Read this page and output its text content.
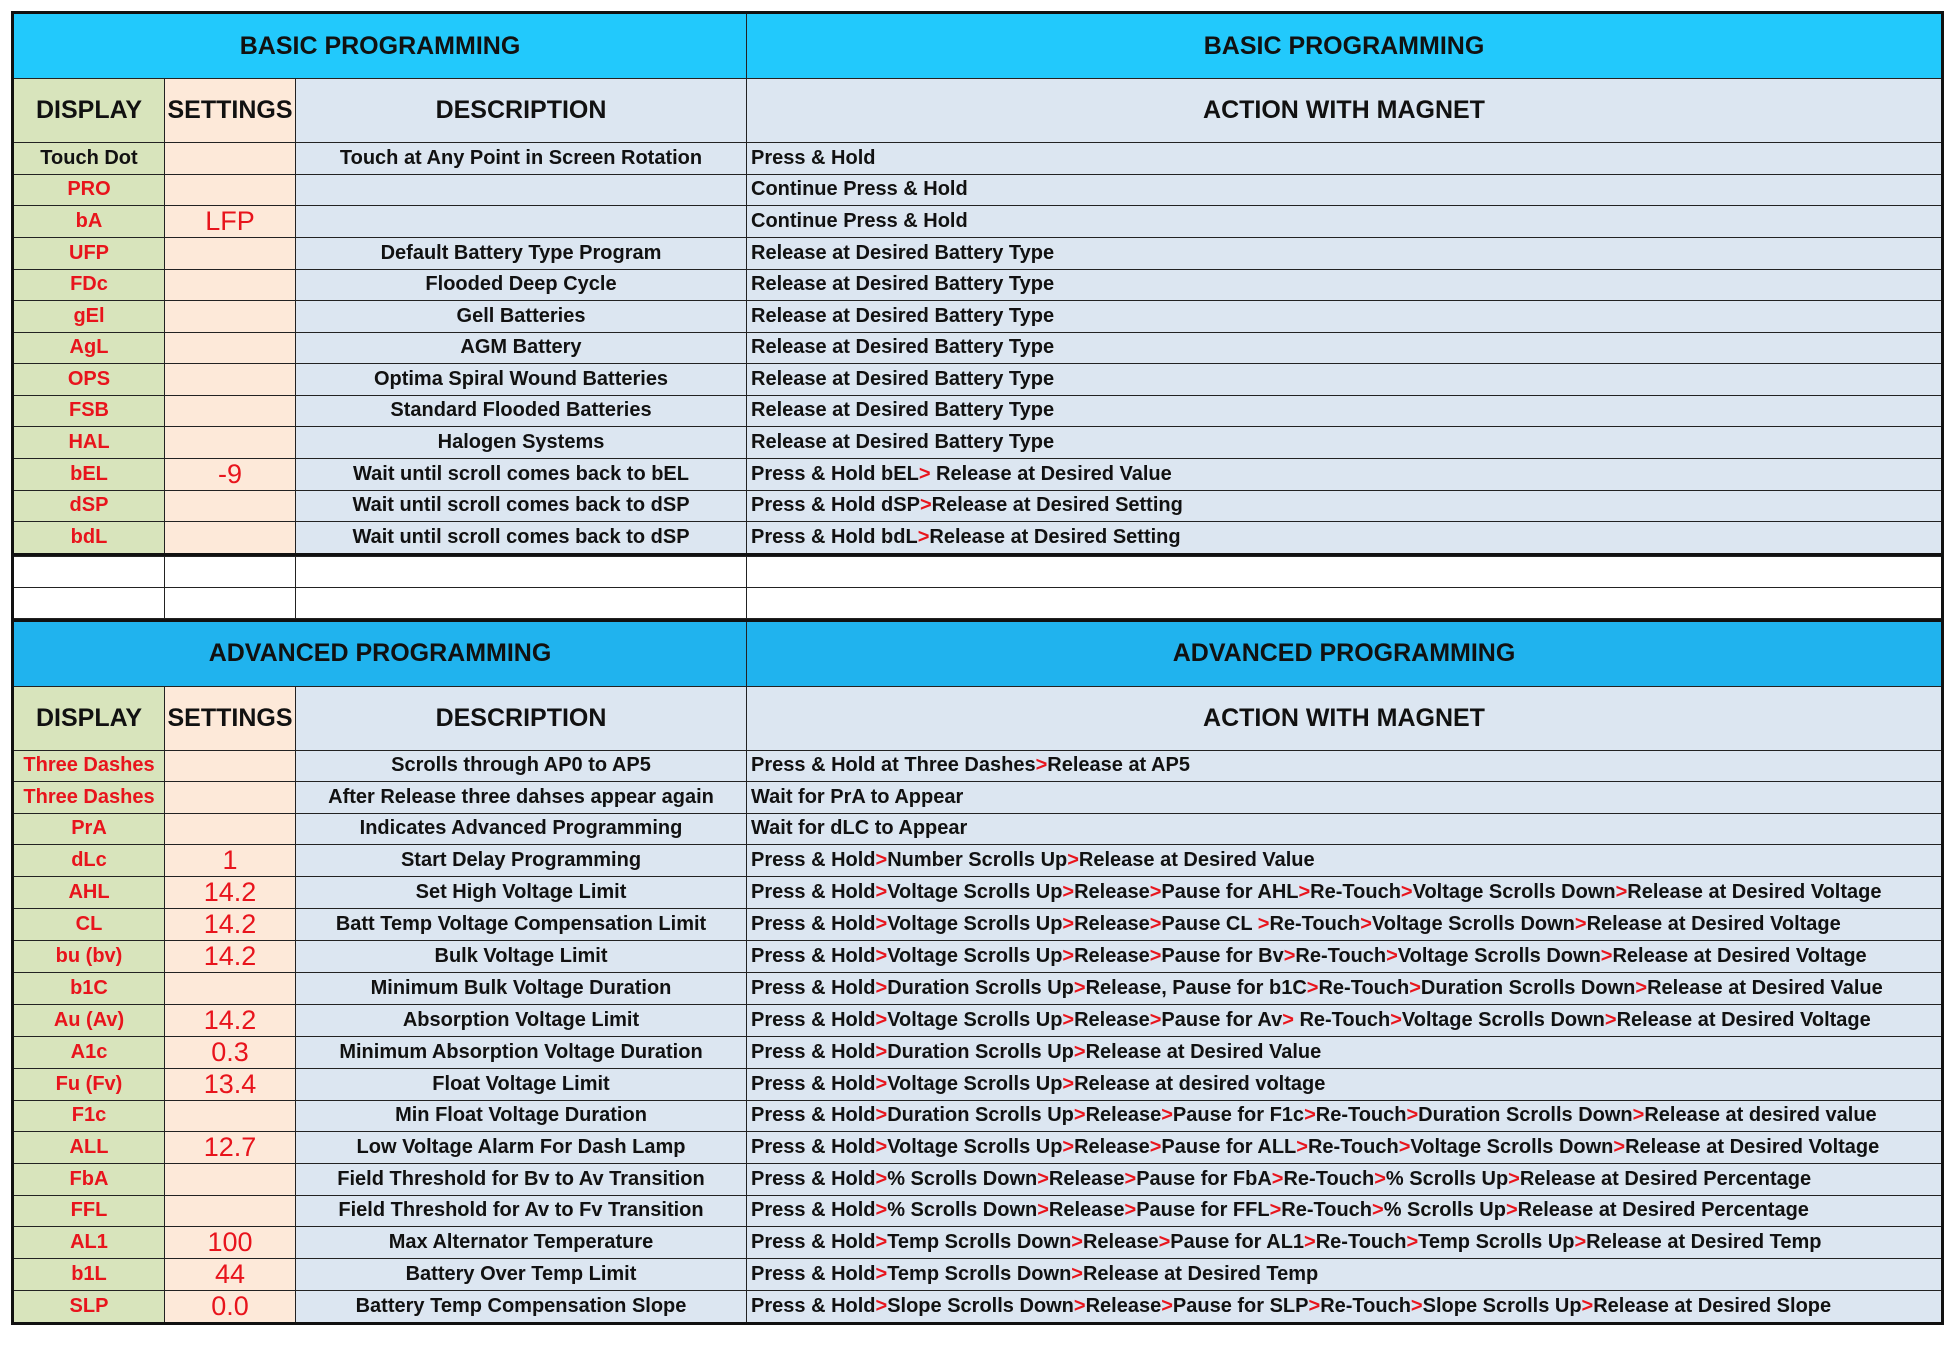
BASIC PROGRAMMING			BASIC PROGRAMMING
DISPLAY	SETTINGS	DESCRIPTION	ACTION WITH MAGNET
Touch Dot		Touch at Any Point in Screen Rotation	Press & Hold
PRO			Continue Press & Hold
bA	LFP		Continue Press & Hold
UFP		Default Battery Type Program	Release at Desired Battery Type
FDc		Flooded Deep Cycle	Release at Desired Battery Type
gEl		Gell Batteries	Release at Desired Battery Type
AgL		AGM Battery	Release at Desired Battery Type
OPS		Optima Spiral Wound Batteries	Release at Desired Battery Type
FSB		Standard Flooded Batteries	Release at Desired Battery Type
HAL		Halogen Systems	Release at Desired Battery Type
bEL	-9	Wait until scroll comes back to bEL	Press & Hold bEL> Release at Desired Value
dSP		Wait until scroll comes back to dSP	Press & Hold dSP>Release at Desired Setting
bdL		Wait until scroll comes back to dSP	Press & Hold bdL>Release at Desired Setting

ADVANCED PROGRAMMING			ADVANCED PROGRAMMING
DISPLAY	SETTINGS	DESCRIPTION	ACTION WITH MAGNET
Three Dashes		Scrolls through AP0 to AP5	Press & Hold at Three Dashes>Release at AP5
Three Dashes		After Release three dahses appear again	Wait for PrA to Appear
PrA		Indicates Advanced Programming	Wait for dLC to Appear
dLc	1	Start Delay Programming	Press & Hold>Number Scrolls Up>Release at Desired Value
AHL	14.2	Set High Voltage Limit	Press & Hold>Voltage Scrolls Up>Release>Pause for AHL>Re-Touch>Voltage Scrolls Down>Release at Desired Voltage
CL	14.2	Batt Temp Voltage Compensation Limit	Press & Hold>Voltage Scrolls Up>Release>Pause CL >Re-Touch>Voltage Scrolls Down>Release at Desired Voltage
bu (bv)	14.2	Bulk Voltage Limit	Press & Hold>Voltage Scrolls Up>Release>Pause for Bv>Re-Touch>Voltage Scrolls Down>Release at Desired Voltage
b1C		Minimum Bulk Voltage Duration	Press & Hold>Duration Scrolls Up>Release, Pause for b1C>Re-Touch>Duration Scrolls Down>Release at Desired Value
Au (Av)	14.2	Absorption Voltage Limit	Press & Hold>Voltage Scrolls Up>Release>Pause for Av> Re-Touch>Voltage Scrolls Down>Release at Desired Voltage
A1c	0.3	Minimum Absorption Voltage Duration	Press & Hold>Duration Scrolls Up>Release at Desired Value
Fu (Fv)	13.4	Float Voltage Limit	Press & Hold>Voltage Scrolls Up>Release at desired voltage
F1c		Min Float Voltage Duration	Press & Hold>Duration Scrolls Up>Release>Pause for F1c>Re-Touch>Duration Scrolls Down>Release at desired value
ALL	12.7	Low Voltage Alarm For Dash Lamp	Press & Hold>Voltage Scrolls Up>Release>Pause for ALL>Re-Touch>Voltage Scrolls Down>Release at Desired Voltage
FbA		Field Threshold for Bv to Av Transition	Press & Hold>% Scrolls Down>Release>Pause for FbA>Re-Touch>% Scrolls Up>Release at Desired Percentage
FFL		Field Threshold for Av to Fv Transition	Press & Hold>% Scrolls Down>Release>Pause for FFL>Re-Touch>% Scrolls Up>Release at Desired Percentage
AL1	100	Max Alternator Temperature	Press & Hold>Temp Scrolls Down>Release>Pause for AL1>Re-Touch>Temp Scrolls Up>Release at Desired Temp
b1L	44	Battery Over Temp Limit	Press & Hold>Temp Scrolls Down>Release at Desired Temp
SLP	0.0	Battery Temp Compensation Slope	Press & Hold>Slope Scrolls Down>Release>Pause for SLP>Re-Touch>Slope Scrolls Up>Release at Desired Slope
